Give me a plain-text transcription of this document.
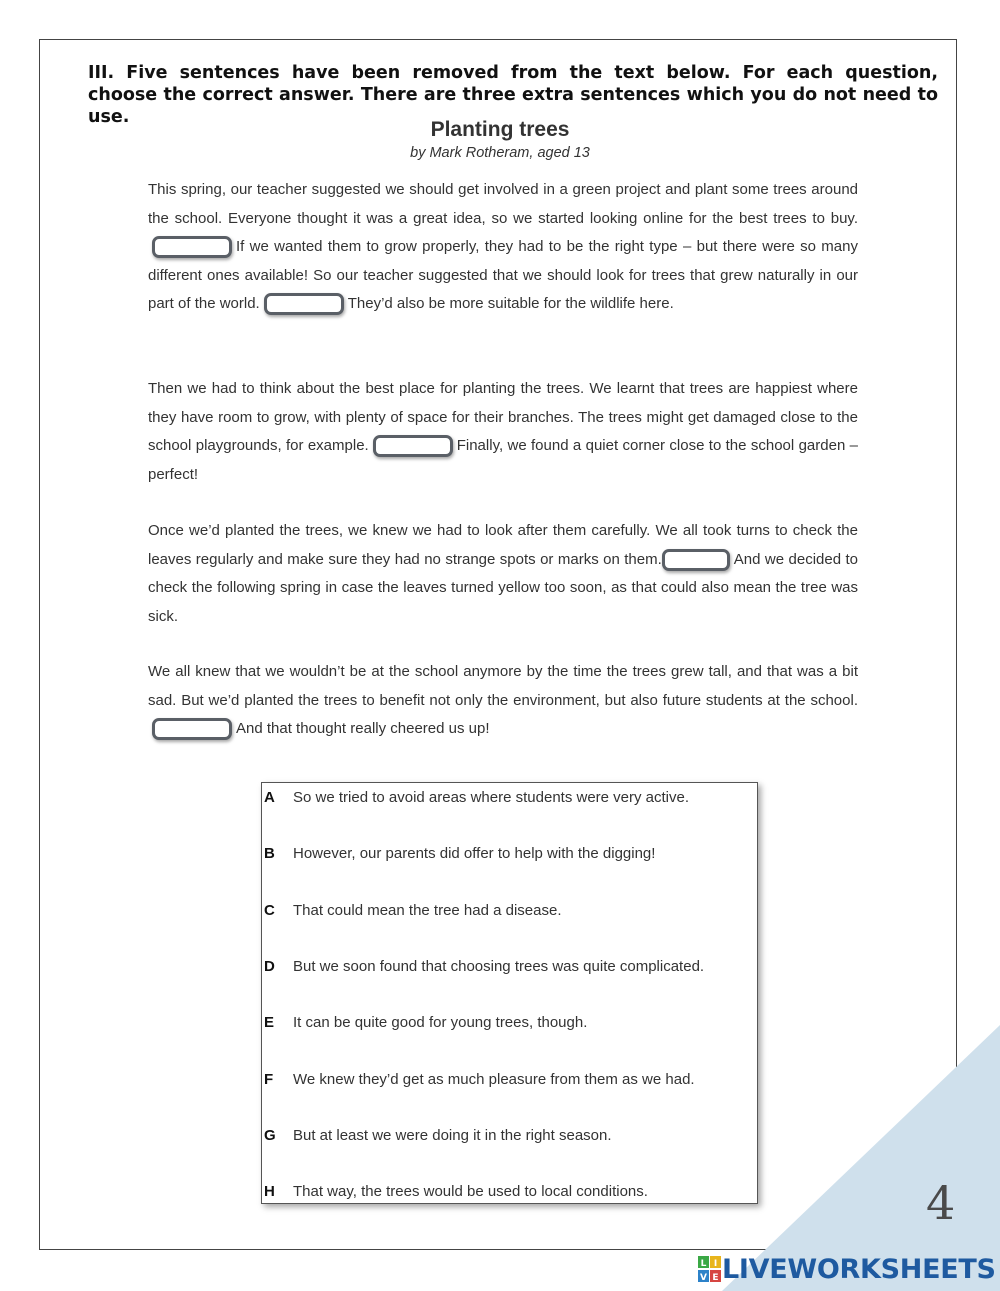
III. Five sentences have been removed from the text below. For each question, choose the correct answer. There are three extra sentences which you do not need to use.
Planting trees
by Mark Rotheram, aged 13

This spring, our teacher suggested we should get involved in a green project and plant some trees around the school. Everyone thought it was a great idea, so we started looking online for the best trees to buy.If we wanted them to grow properly, they had to be the right type – but there were so many different ones available! So our teacher suggested that we should look for trees that grew naturally in our part of the world.	They’d also be more suitable for the wildlife here.

Then we had to think about the best place for planting the trees. We learnt that trees are happiest where they have room to grow, with plenty of space for their branches. The trees might get damaged close to the school playgrounds, for example.	Finally, we found a quiet corner close to the school garden – perfect!

Once we’d planted the trees, we knew we had to look after them carefully. We all took turns to check the leaves regularly and make sure they had no strange spots or marks on them.	And we decided to check the following spring in case the leaves turned yellow too soon, as that could also mean the tree was sick.

We all knew that we wouldn’t be at the school anymore by the time the trees grew tall, and that was a bit sad. But we’d planted the trees to benefit not only the environment, but also future students at the school.And that thought really cheered us up!

A So we tried to avoid areas where students were very active.
B However, our parents did offer to help with the digging!
C That could mean the tree had a disease.
D But we soon found that choosing trees was quite complicated.
E It can be quite good for young trees, though.
F We knew they’d get as much pleasure from them as we had.
G But at least we were doing it in the right season.
H That way, the trees would be used to local conditions.	4
L I
V E LIVEWORKSHEETS
